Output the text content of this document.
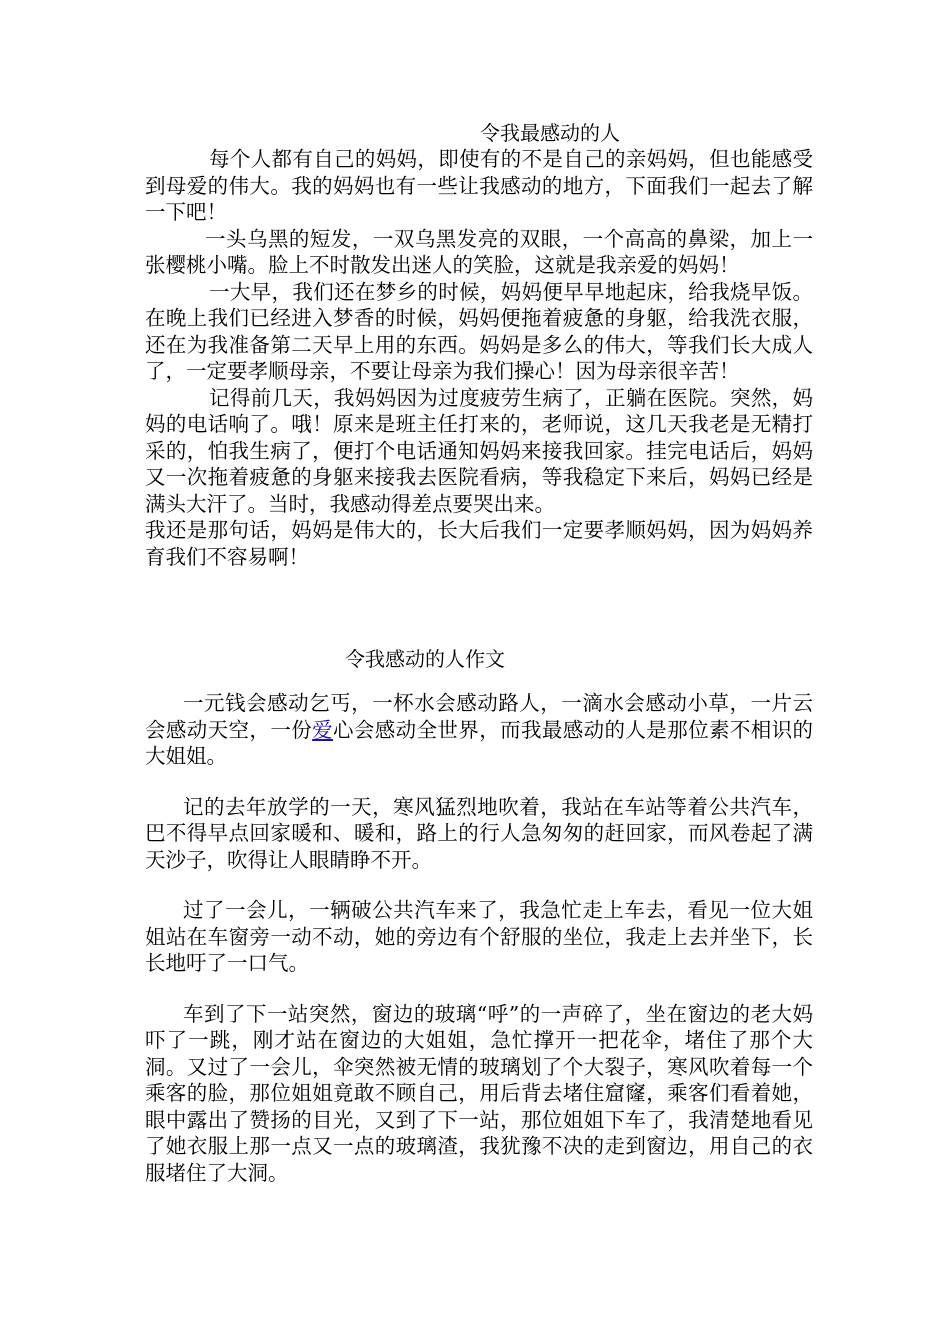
令我最感动的人

每个人都有自己的妈妈，即使有的不是自己的亲妈妈，但也能感受到母爱的伟大。我的妈妈也有一些让我感动的地方，下面我们一起去了解一下吧！

一头乌黑的短发，一双乌黑发亮的双眼，一个高高的鼻梁，加上一张樱桃小嘴。脸上不时散发出迷人的笑脸，这就是我亲爱的妈妈！

一大早，我们还在梦乡的时候，妈妈便早早地起床，给我烧早饭。在晚上我们已经进入梦香的时候，妈妈便拖着疲惫的身躯，给我洗衣服，还在为我准备第二天早上用的东西。妈妈是多么的伟大，等我们长大成人了，一定要孝顺母亲，不要让母亲为我们操心！因为母亲很辛苦！

记得前几天，我妈妈因为过度疲劳生病了，正躺在医院。突然，妈妈的电话响了。哦！原来是班主任打来的，老师说，这几天我老是无精打采的，怕我生病了，便打个电话通知妈妈来接我回家。挂完电话后，妈妈又一次拖着疲惫的身躯来接我去医院看病，等我稳定下来后，妈妈已经是满头大汗了。当时，我感动得差点要哭出来。

我还是那句话，妈妈是伟大的，长大后我们一定要孝顺妈妈，因为妈妈养育我们不容易啊！

令我感动的人作文

一元钱会感动乞丐，一杯水会感动路人，一滴水会感动小草，一片云会感动天空，一份爱心会感动全世界，而我最感动的人是那位素不相识的大姐姐。

记的去年放学的一天，寒风猛烈地吹着，我站在车站等着公共汽车，巴不得早点回家暖和、暖和，路上的行人急匆匆的赶回家，而风卷起了满天沙子，吹得让人眼睛睁不开。

过了一会儿，一辆破公共汽车来了，我急忙走上车去，看见一位大姐姐站在车窗旁一动不动，她的旁边有个舒服的坐位，我走上去并坐下，长长地吁了一口气。

车到了下一站突然，窗边的玻璃“呼”的一声碎了，坐在窗边的老大妈吓了一跳，刚才站在窗边的大姐姐，急忙撑开一把花伞，堵住了那个大洞。又过了一会儿，伞突然被无情的玻璃划了个大裂子，寒风吹着每一个乘客的脸，那位姐姐竟敢不顾自己，用后背去堵住窟窿，乘客们看着她，眼中露出了赞扬的目光，又到了下一站，那位姐姐下车了，我清楚地看见了她衣服上那一点又一点的玻璃渣，我犹豫不决的走到窗边，用自己的衣服堵住了大洞。
